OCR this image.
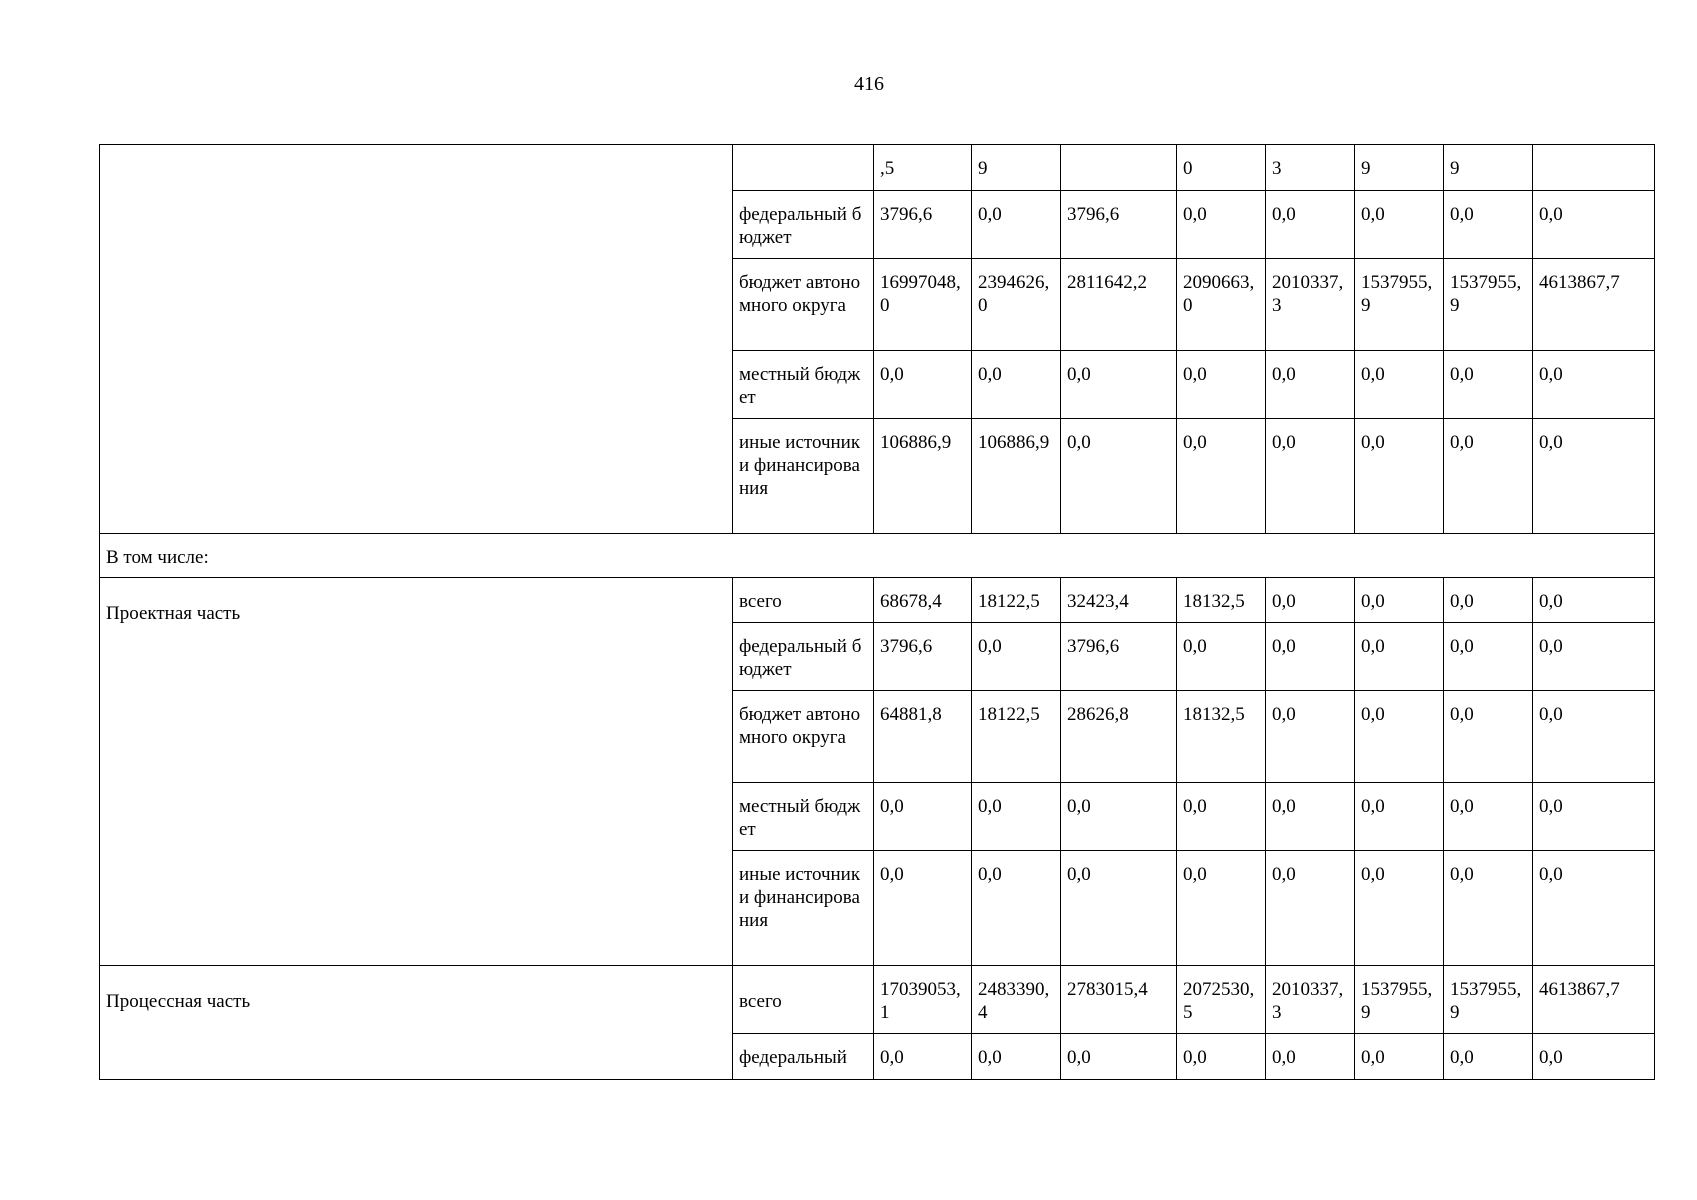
416
		,5	9		0	3	9	9	
	федеральный бюджет	3796,6	0,0	3796,6	0,0	0,0	0,0	0,0	0,0
	бюджет автономного округа	16997048,0	2394626,0	2811642,2	2090663,0	2010337,3	1537955,9	1537955,9	4613867,7
	местный бюджет	0,0	0,0	0,0	0,0	0,0	0,0	0,0	0,0
	иные источники финансирования	106886,9	106886,9	0,0	0,0	0,0	0,0	0,0	0,0
В том числе:									
Проектная часть	всего	68678,4	18122,5	32423,4	18132,5	0,0	0,0	0,0	0,0
	федеральный бюджет	3796,6	0,0	3796,6	0,0	0,0	0,0	0,0	0,0
	бюджет автономного округа	64881,8	18122,5	28626,8	18132,5	0,0	0,0	0,0	0,0
	местный бюджет	0,0	0,0	0,0	0,0	0,0	0,0	0,0	0,0
	иные источники финансирования	0,0	0,0	0,0	0,0	0,0	0,0	0,0	0,0
Процессная часть	всего	17039053,1	2483390,4	2783015,4	2072530,5	2010337,3	1537955,9	1537955,9	4613867,7
	федеральный	0,0	0,0	0,0	0,0	0,0	0,0	0,0	0,0
